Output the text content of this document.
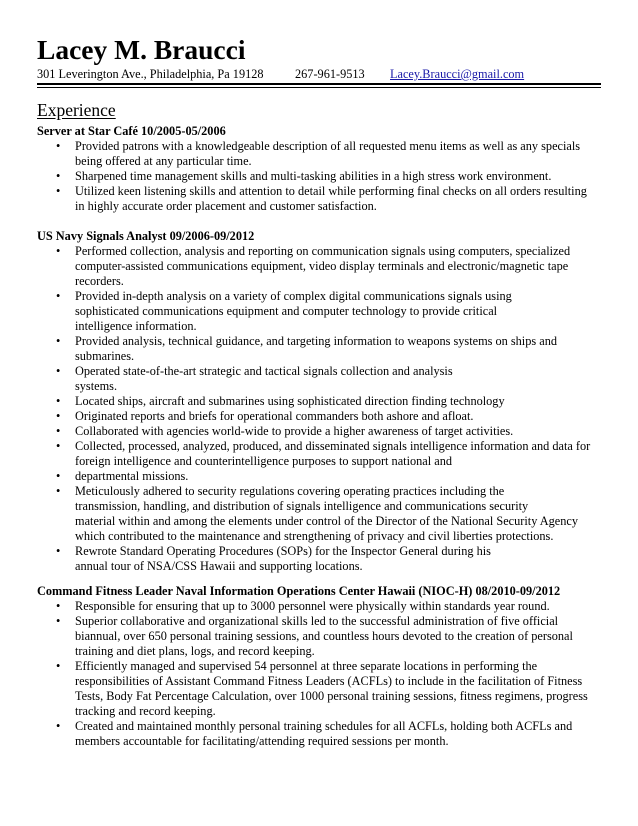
Lacey M. Braucci
301 Leverington Ave., Philadelphia, Pa 19128	267-961-9513 Lacey.Braucci@gmail.com
Experience
Server at Star Café 10/2005-05/2006
•	Provided patrons with a knowledgeable description of all requested menu items as well as any specials
being offered at any particular time.
•	Sharpened time management skills and multi-tasking abilities in a high stress work environment.
•	Utilized keen listening skills and attention to detail while performing final checks on all orders resulting
in highly accurate order placement and customer satisfaction.
US Navy Signals Analyst 09/2006-09/2012
•	Performed collection, analysis and reporting on communication signals using computers, specialized
computer-assisted communications equipment, video display terminals and electronic/magnetic tape
recorders.
•	Provided in-depth analysis on a variety of complex digital communications signals using
sophisticated communications equipment and computer technology to provide critical
intelligence information.
•	Provided analysis, technical guidance, and targeting information to weapons systems on ships and
submarines.
•	Operated state-of-the-art strategic and tactical signals collection and analysis
systems.
•	Located ships, aircraft and submarines using sophisticated direction finding technology
•	Originated reports and briefs for operational commanders both ashore and afloat.
•	Collaborated with agencies world-wide to provide a higher awareness of target activities.
•	Collected, processed, analyzed, produced, and disseminated signals intelligence information and data for
foreign intelligence and counterintelligence purposes to support national and
•	departmental missions.
•	Meticulously adhered to security regulations covering operating practices including the
transmission, handling, and distribution of signals intelligence and communications security
material within and among the elements under control of the Director of the National Security Agency
which contributed to the maintenance and strengthening of privacy and civil liberties protections.
•	Rewrote Standard Operating Procedures (SOPs) for the Inspector General during his
annual tour of NSA/CSS Hawaii and supporting locations.
Command Fitness Leader Naval Information Operations Center Hawaii (NIOC-H) 08/2010-09/2012
•	Responsible for ensuring that up to 3000 personnel were physically within standards year round.
•	Superior collaborative and organizational skills led to the successful administration of five official
biannual, over 650 personal training sessions, and countless hours devoted to the creation of personal
training and diet plans, logs, and record keeping.
•	Efficiently managed and supervised 54 personnel at three separate locations in performing the
responsibilities of Assistant Command Fitness Leaders (ACFLs) to include in the facilitation of Fitness
Tests, Body Fat Percentage Calculation, over 1000 personal training sessions, fitness regimens, progress
tracking and record keeping.
•	Created and maintained monthly personal training schedules for all ACFLs, holding both ACFLs and
members accountable for facilitating/attending required sessions per month.
